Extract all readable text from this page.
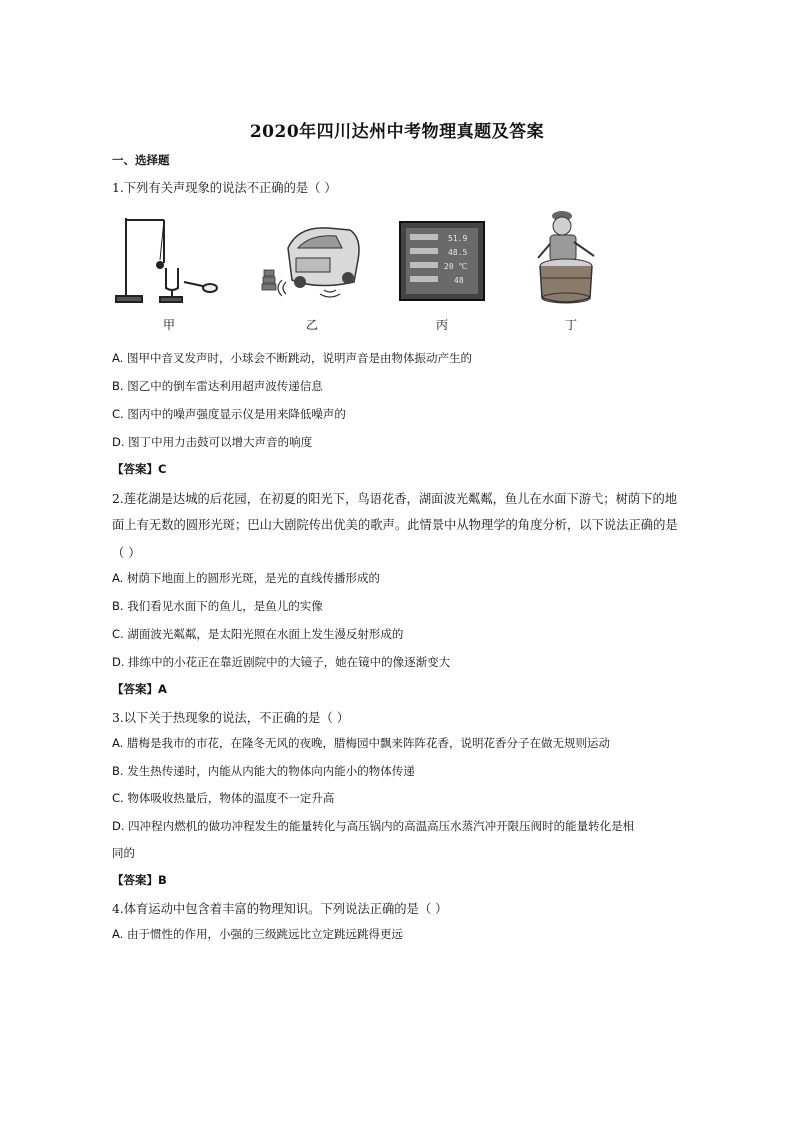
2020年四川达州中考物理真题及答案
一、选择题
1.下列有关声现象的说法不正确的是（ ）
甲	乙
51.9
48.5
20 ℃
48
丙	丁
A. 图甲中音叉发声时，小球会不断跳动，说明声音是由物体振动产生的
B. 图乙中的倒车雷达利用超声波传递信息
C. 图丙中的噪声强度显示仪是用来降低噪声的
D. 图丁中用力击鼓可以增大声音的响度
【答案】C
2.莲花湖是达城的后花园，在初夏的阳光下，鸟语花香，湖面波光粼粼，鱼儿在水面下游弋；树荫下的地
面上有无数的圆形光斑；巴山大剧院传出优美的歌声。此情景中从物理学的角度分析，以下说法正确的是
（ ）
A. 树荫下地面上的圆形光斑，是光的直线传播形成的
B. 我们看见水面下的鱼儿，是鱼儿的实像
C. 湖面波光粼粼，是太阳光照在水面上发生漫反射形成的
D. 排练中的小花正在靠近剧院中的大镜子，她在镜中的像逐渐变大
【答案】A
3.以下关于热现象的说法，不正确的是（ ）
A. 腊梅是我市的市花，在隆冬无风的夜晚，腊梅园中飘来阵阵花香，说明花香分子在做无规则运动
B. 发生热传递时，内能从内能大的物体向内能小的物体传递
C. 物体吸收热量后，物体的温度不一定升高
D. 四冲程内燃机的做功冲程发生的能量转化与高压锅内的高温高压水蒸汽冲开限压阀时的能量转化是相
同的
【答案】B
4.体育运动中包含着丰富的物理知识。下列说法正确的是（ ）
A. 由于惯性的作用，小强的三级跳远比立定跳远跳得更远
